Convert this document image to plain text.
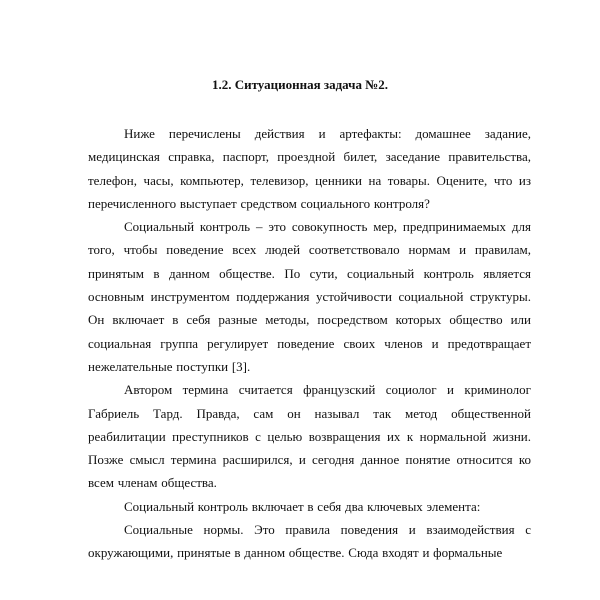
1.2. Ситуационная задача №2.

Ниже перечислены действия и артефакты: домашнее задание, медицинская справка, паспорт, проездной билет, заседание правительства, телефон, часы, компьютер, телевизор, ценники на товары. Оцените, что из перечисленного выступает средством социального контроля?

Социальный контроль – это совокупность мер, предпринимаемых для того, чтобы поведение всех людей соответствовало нормам и правилам, принятым в данном обществе. По сути, социальный контроль является основным инструментом поддержания устойчивости социальной структуры. Он включает в себя разные методы, посредством которых общество или социальная группа регулирует поведение своих членов и предотвращает нежелательные поступки [3].

Автором термина считается французский социолог и криминолог Габриель Тард. Правда, сам он называл так метод общественной реабилитации преступников с целью возвращения их к нормальной жизни. Позже смысл термина расширился, и сегодня данное понятие относится ко всем членам общества.

Социальный контроль включает в себя два ключевых элемента:

Социальные нормы. Это правила поведения и взаимодействия с окружающими, принятые в данном обществе. Сюда входят и формальные
